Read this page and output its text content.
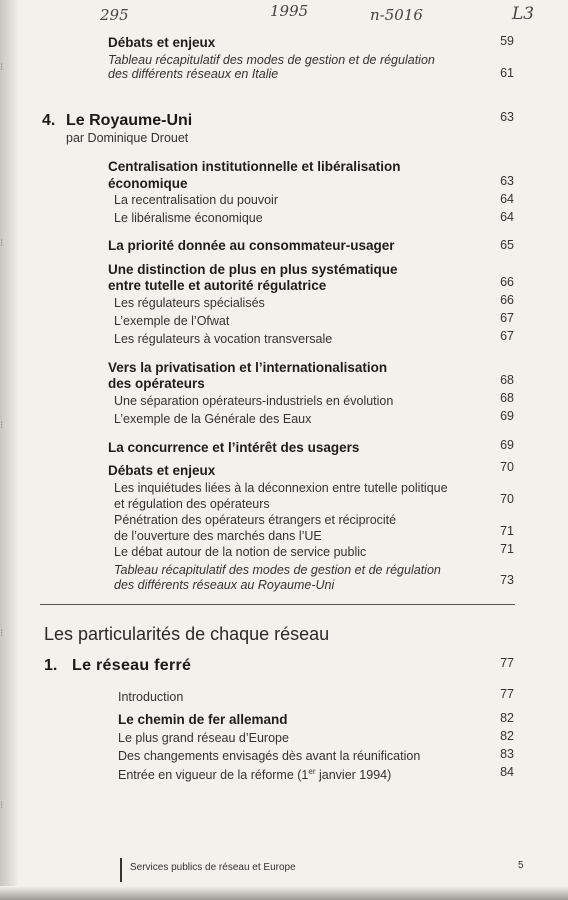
⁝
⁝
⁝
⁝
⁝
295	1995	n-5016	L3
Débats et enjeux	59
Tableau récapitulatif des modes de gestion et de régulation
des différents réseaux en Italie	61
4. Le Royaume-Uni	63
par Dominique Drouet
Centralisation institutionnelle et libéralisation
économique	63
La recentralisation du pouvoir	64
Le libéralisme économique	64
La priorité donnée au consommateur-usager	65
Une distinction de plus en plus systématique
entre tutelle et autorité régulatrice	66
Les régulateurs spécialisés	66
L’exemple de l’Ofwat	67
Les régulateurs à vocation transversale	67
Vers la privatisation et l’internationalisation
des opérateurs	68
Une séparation opérateurs-industriels en évolution	68
L’exemple de la Générale des Eaux	69
La concurrence et l’intérêt des usagers	69
Débats et enjeux	70
Les inquiétudes liées à la déconnexion entre tutelle politique
et régulation des opérateurs	70
Pénétration des opérateurs étrangers et réciprocité
de l’ouverture des marchés dans l’UE	71
Le débat autour de la notion de service public	71
Tableau récapitulatif des modes de gestion et de régulation
des différents réseaux au Royaume-Uni	73
Les particularités de chaque réseau
1. Le réseau ferré	77
Introduction	77
Le chemin de fer allemand	82
Le plus grand réseau d’Europe	82
Des changements envisagés dès avant la réunification	83
Entrée en vigueur de la réforme (1er janvier 1994)	84
Services publics de réseau et Europe	5
